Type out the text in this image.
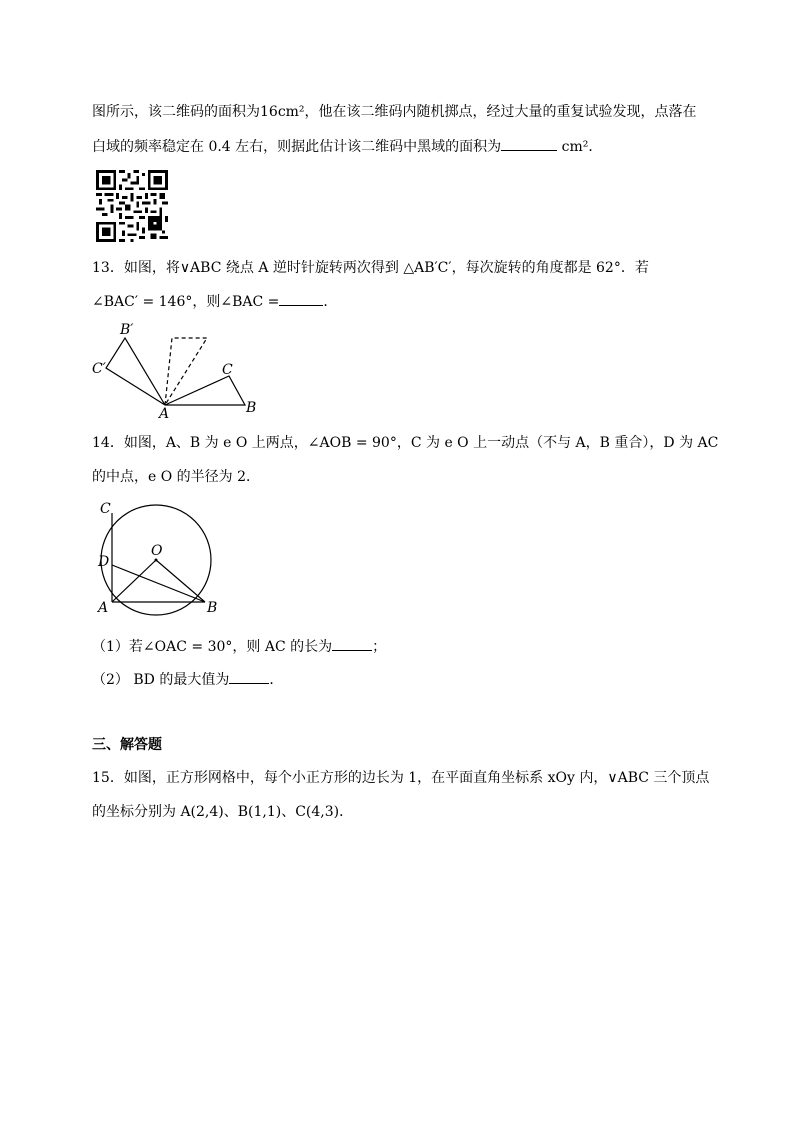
图所示，该二维码的面积为16cm²，他在该二维码内随机掷点，经过大量的重复试验发现，点落在
白域的频率稳定在 0.4 左右，则据此估计该二维码中黑域的面积为	cm²．
13．如图，将∨ABC 绕点 A 逆时针旋转两次得到 △AB′C′，每次旋转的角度都是 62°．若
∠BAC′ = 146°，则∠BAC =	．
B′
C′
A	B
C
14．如图，A、B 为 e O 上两点，∠AOB = 90°，C 为 e O 上一动点（不与 A，B 重合），D 为 AC
的中点，e O 的半径为 2．
C
O
D
A	B
（1）若∠OAC = 30°，则 AC 的长为	；
（2） BD 的最大值为	．
三、解答题
15．如图，正方形网格中，每个小正方形的边长为 1，在平面直角坐标系 xOy 内，∨ABC 三个顶点
的坐标分别为 A(2,4)、B(1,1)、C(4,3)．
